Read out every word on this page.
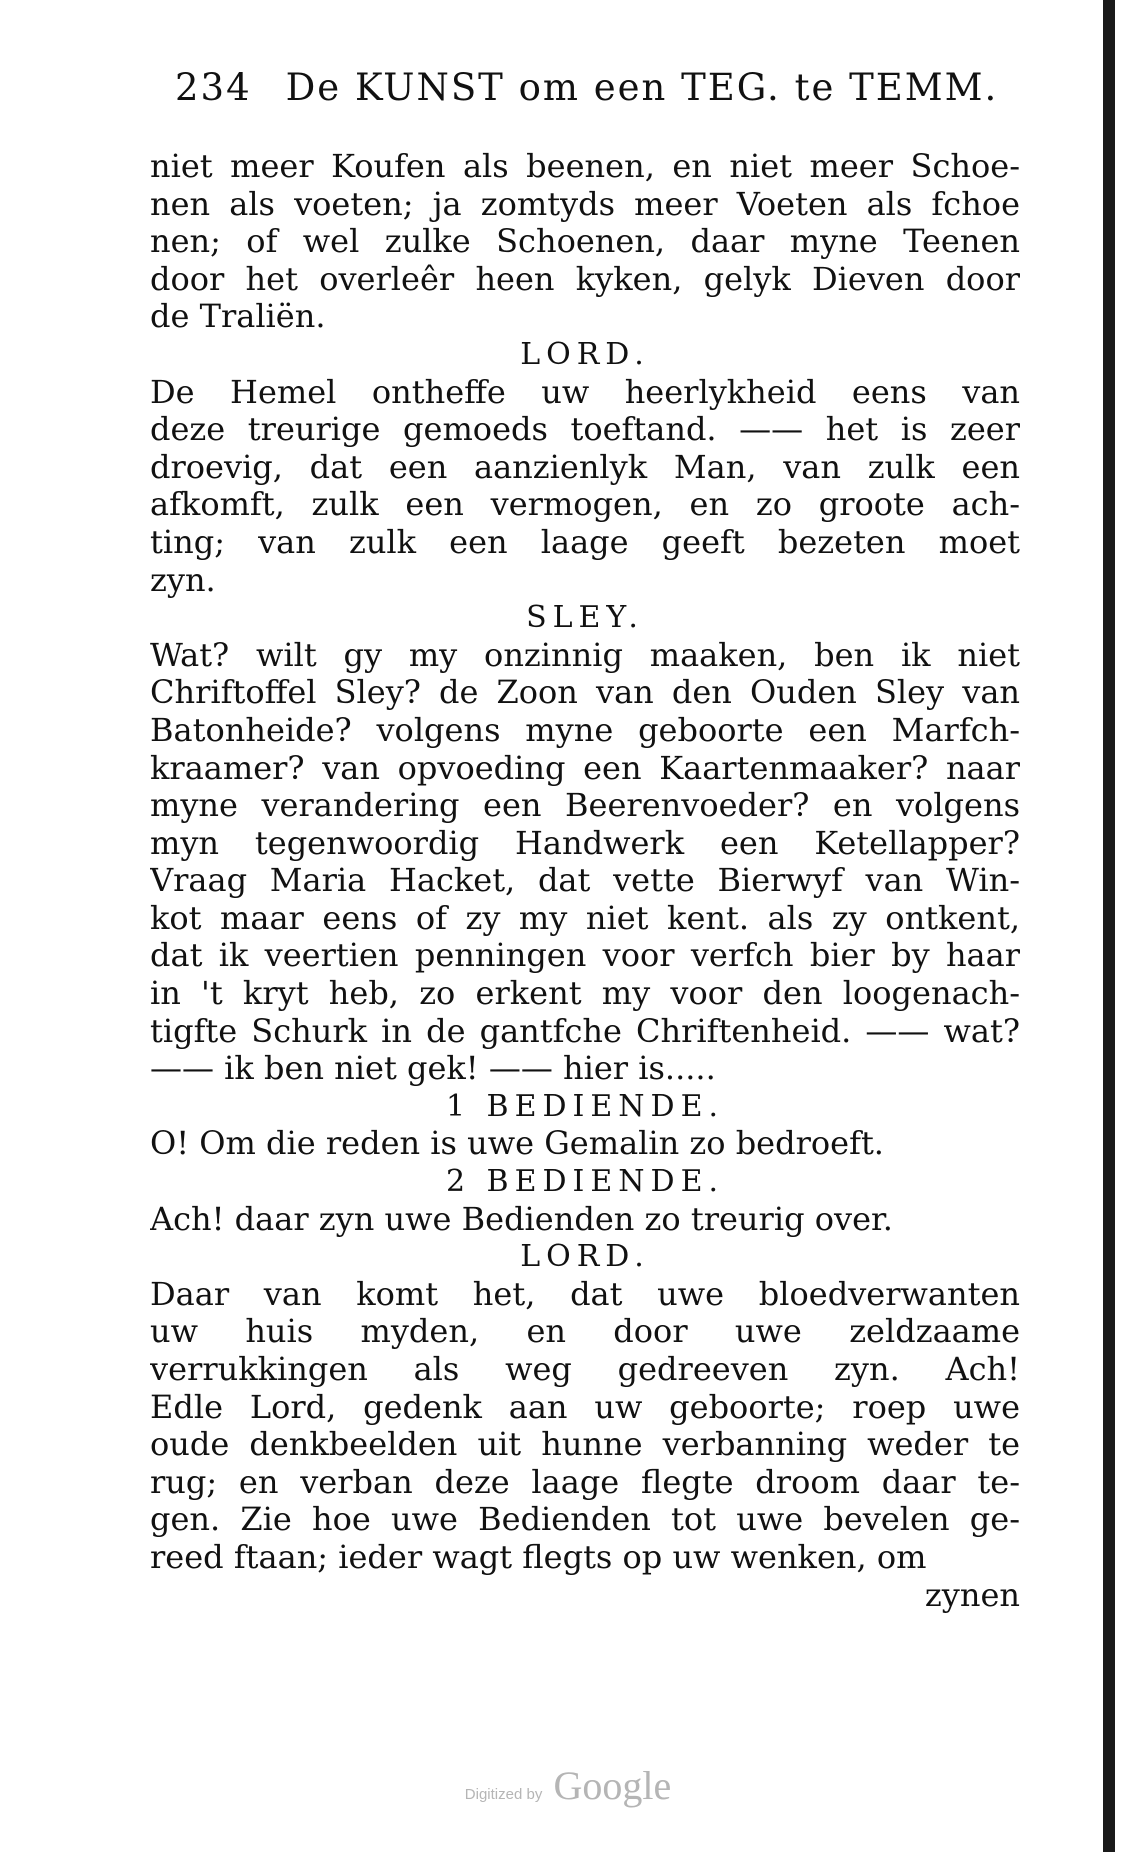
234 De KUNST om een TEG. te TEMM.
niet meer Koufen als beenen, en niet meer Schoe-
nen als voeten; ja zomtyds meer Voeten als fchoe
nen; of wel zulke Schoenen, daar myne Teenen
door het overleêr heen kyken, gelyk Dieven door
de Traliën.
LORD.
De Hemel ontheffe uw heerlykheid eens van
deze treurige gemoeds toeftand. —— het is zeer
droevig, dat een aanzienlyk Man, van zulk een
afkomft, zulk een vermogen, en zo groote ach-
ting; van zulk een laage geeft bezeten moet
zyn.
SLEY.
Wat? wilt gy my onzinnig maaken, ben ik niet
Chriftoffel Sley? de Zoon van den Ouden Sley van
Batonheide? volgens myne geboorte een Marfch-
kraamer? van opvoeding een Kaartenmaaker? naar
myne verandering een Beerenvoeder? en volgens
myn tegenwoordig Handwerk een Ketellapper?
Vraag Maria Hacket, dat vette Bierwyf van Win-
kot maar eens of zy my niet kent. als zy ontkent,
dat ik veertien penningen voor verfch bier by haar
in 't kryt heb, zo erkent my voor den loogenach-
tigfte Schurk in de gantfche Chriftenheid. —— wat?
—— ik ben niet gek! —— hier is.....
1 BEDIENDE.
O! Om die reden is uwe Gemalin zo bedroeft.
2 BEDIENDE.
Ach! daar zyn uwe Bedienden zo treurig over.
LORD.
Daar van komt het, dat uwe bloedverwanten
uw huis myden, en door uwe zeldzaame
verrukkingen als weg gedreeven zyn. Ach!
Edle Lord, gedenk aan uw geboorte; roep uwe
oude denkbeelden uit hunne verbanning weder te
rug; en verban deze laage flegte droom daar te-
gen. Zie hoe uwe Bedienden tot uwe bevelen ge-
reed ftaan; ieder wagt flegts op uw wenken, om
zynen
Digitized by Google
